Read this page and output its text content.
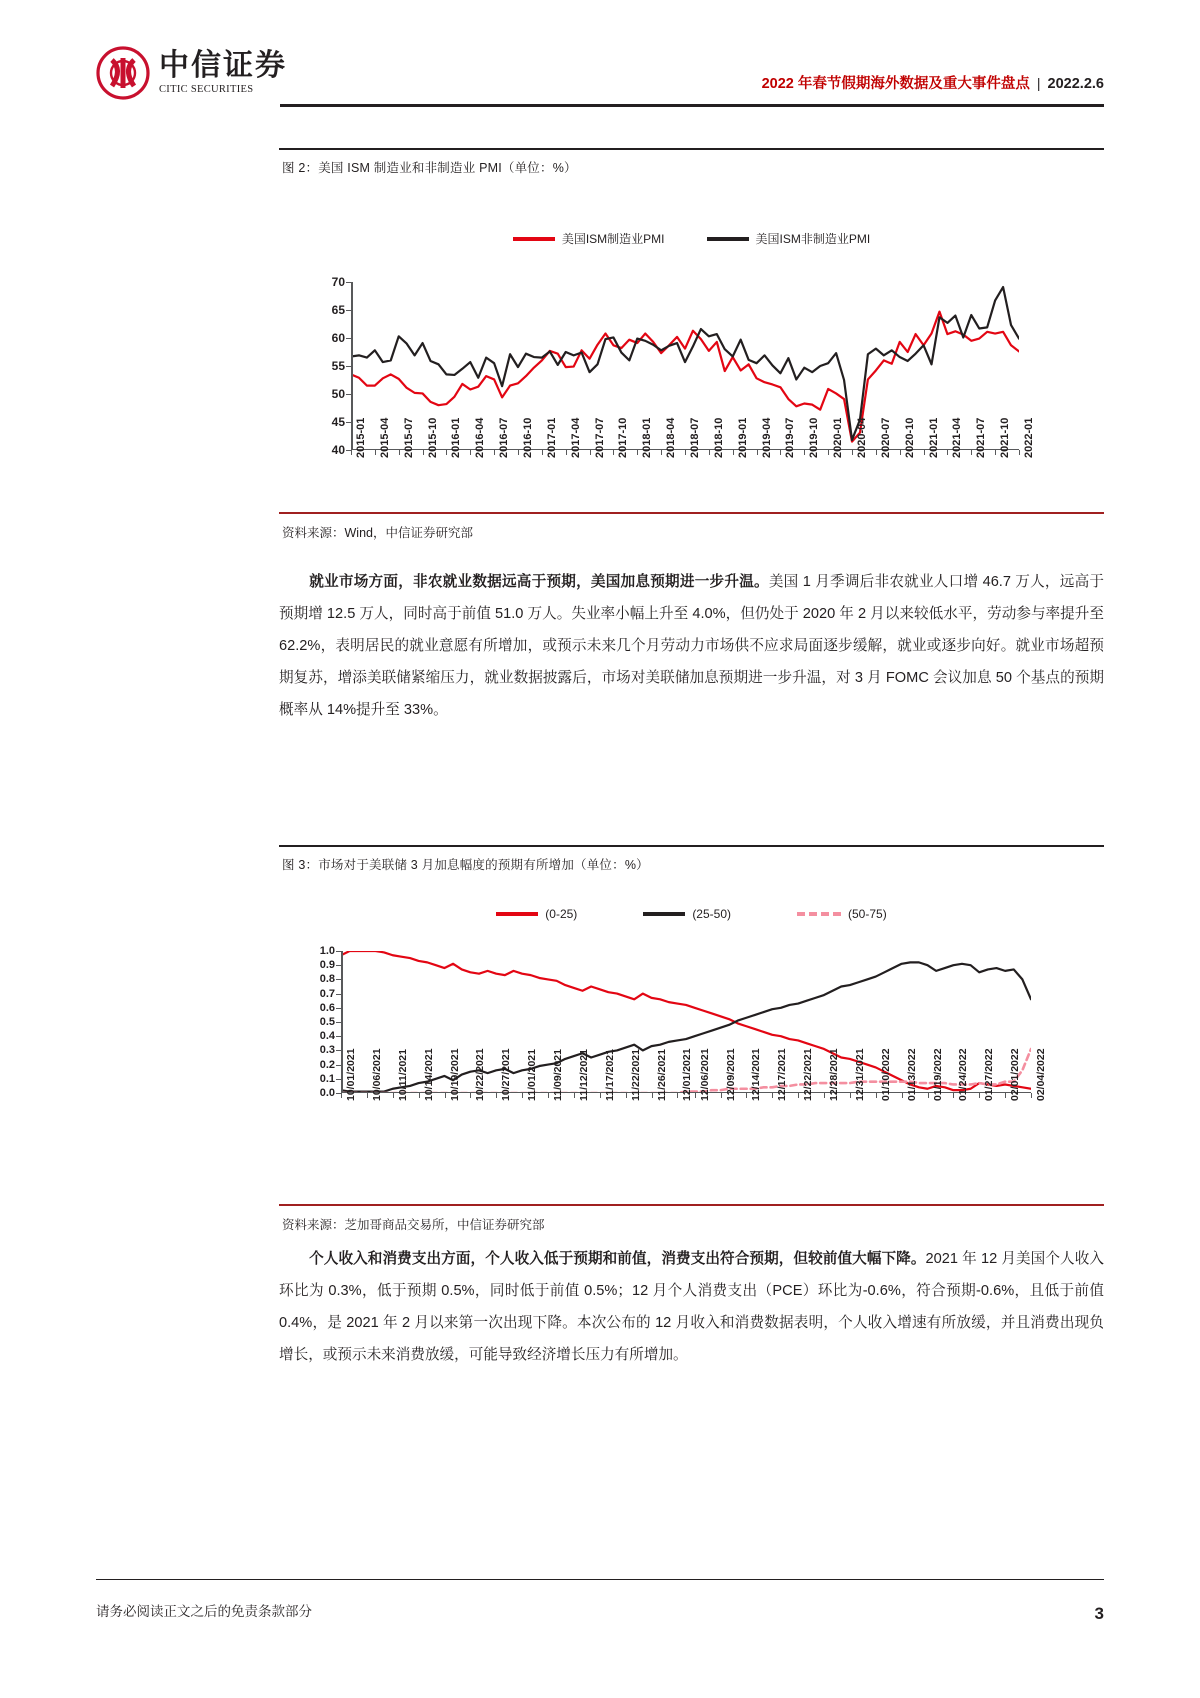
中信证券
CITIC SECURITIES	2022 年春节假期海外数据及重大事件盘点 | 2022.2.6
图 2：美国 ISM 制造业和非制造业 PMI（单位：%）
美国ISM制造业PMI	美国ISM非制造业PMI
40
45
50
55
60
65
70
2015-01 2015-04 2015-07 2015-10 2016-01 2016-04 2016-07 2016-10 2017-01 2017-04 2017-07 2017-10 2018-01 2018-04 2018-07 2018-10 2019-01 2019-04 2019-07 2019-10 2020-01 2020-04 2020-07 2020-10 2021-01 2021-04 2021-07 2021-10 2022-01
资料来源：Wind，中信证券研究部
就业市场方面，非农就业数据远高于预期，美国加息预期进一步升温。美国 1 月季调后非农就业人口增 46.7 万人，远高于预期增 12.5 万人，同时高于前值 51.0 万人。失业率小幅上升至 4.0%，但仍处于 2020 年 2 月以来较低水平，劳动参与率提升至 62.2%，表明居民的就业意愿有所增加，或预示未来几个月劳动力市场供不应求局面逐步缓解，就业或逐步向好。就业市场超预期复苏，增添美联储紧缩压力，就业数据披露后，市场对美联储加息预期进一步升温，对 3 月 FOMC 会议加息 50 个基点的预期概率从 14%提升至 33%。
图 3：市场对于美联储 3 月加息幅度的预期有所增加（单位：%）
(0-25)	(25-50)	(50-75)
0.0
0.1
0.2
0.3
0.4
0.5
0.6
0.7
0.8
0.9
1.0
10/01/2021 10/06/2021 10/11/2021 10/14/2021 10/19/2021 10/22/2021 10/27/2021 11/01/2021 11/09/2021 11/12/2021 11/17/2021 11/22/2021 11/26/2021 12/01/2021 12/06/2021 12/09/2021 12/14/2021 12/17/2021 12/22/2021 12/28/2021 12/31/2021 01/10/2022 01/13/2022 01/19/2022 01/24/2022 01/27/2022 02/01/2022 02/04/2022
资料来源：芝加哥商品交易所，中信证券研究部
个人收入和消费支出方面，个人收入低于预期和前值，消费支出符合预期，但较前值大幅下降。2021 年 12 月美国个人收入环比为 0.3%，低于预期 0.5%，同时低于前值 0.5%；12 月个人消费支出（PCE）环比为-0.6%，符合预期-0.6%，且低于前值 0.4%，是 2021 年 2 月以来第一次出现下降。本次公布的 12 月收入和消费数据表明，个人收入增速有所放缓，并且消费出现负增长，或预示未来消费放缓，可能导致经济增长压力有所增加。
请务必阅读正文之后的免责条款部分	3
